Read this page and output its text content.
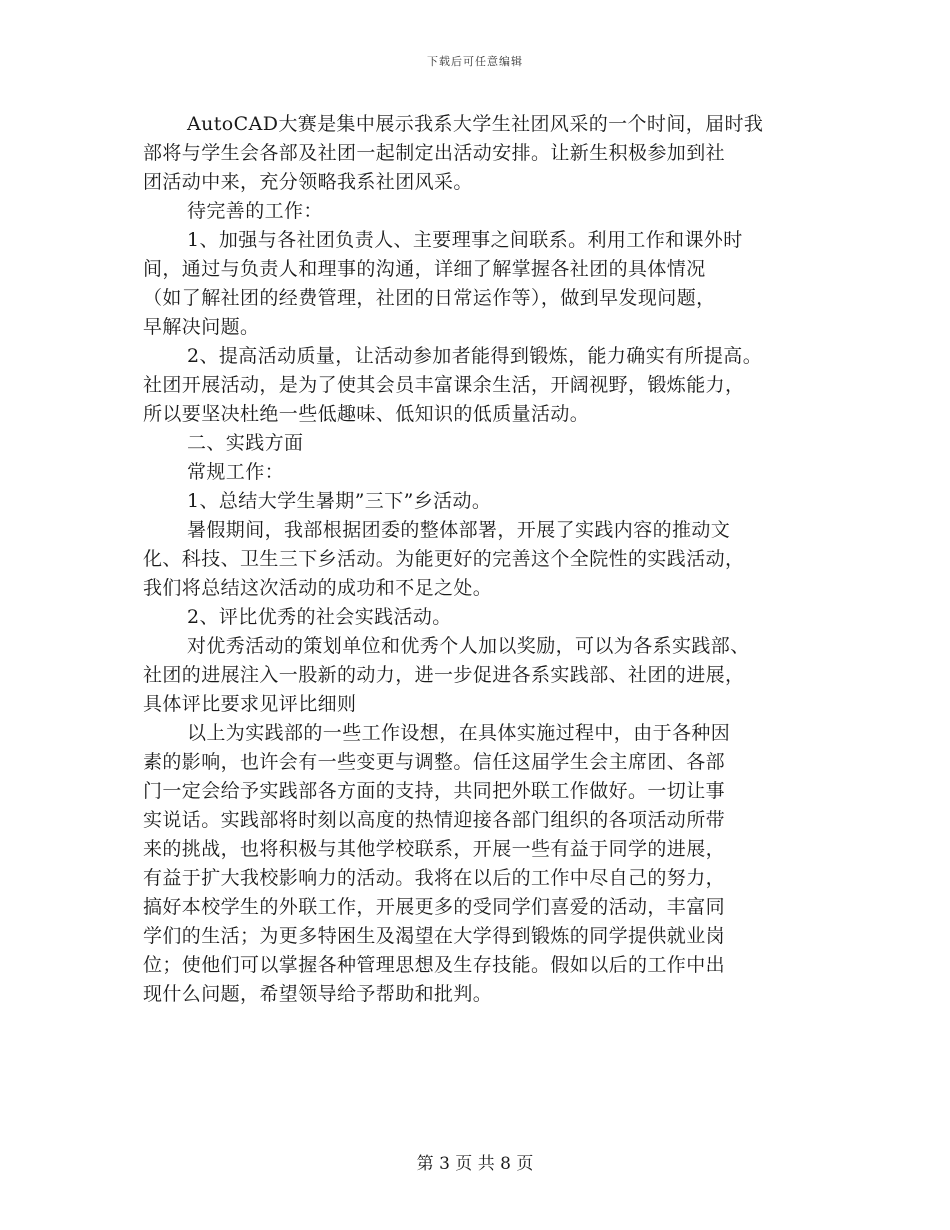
下载后可任意编辑
AutoCAD大赛是集中展示我系大学生社团风采的一个时间，届时我
部将与学生会各部及社团一起制定出活动安排。让新生积极参加到社
团活动中来，充分领略我系社团风采。
待完善的工作：
1、加强与各社团负责人、主要理事之间联系。利用工作和课外时
间，通过与负责人和理事的沟通，详细了解掌握各社团的具体情况
（如了解社团的经费管理，社团的日常运作等），做到早发现问题，
早解决问题。
2、提高活动质量，让活动参加者能得到锻炼，能力确实有所提高。
社团开展活动，是为了使其会员丰富课余生活，开阔视野，锻炼能力，
所以要坚决杜绝一些低趣味、低知识的低质量活动。
二、实践方面
常规工作：
1、总结大学生暑期”三下”乡活动。
暑假期间，我部根据团委的整体部署，开展了实践内容的推动文
化、科技、卫生三下乡活动。为能更好的完善这个全院性的实践活动，
我们将总结这次活动的成功和不足之处。
2、评比优秀的社会实践活动。
对优秀活动的策划单位和优秀个人加以奖励，可以为各系实践部、
社团的进展注入一股新的动力，进一步促进各系实践部、社团的进展，
具体评比要求见评比细则
以上为实践部的一些工作设想，在具体实施过程中，由于各种因
素的影响，也许会有一些变更与调整。信任这届学生会主席团、各部
门一定会给予实践部各方面的支持，共同把外联工作做好。一切让事
实说话。实践部将时刻以高度的热情迎接各部门组织的各项活动所带
来的挑战，也将积极与其他学校联系，开展一些有益于同学的进展，
有益于扩大我校影响力的活动。我将在以后的工作中尽自己的努力，
搞好本校学生的外联工作，开展更多的受同学们喜爱的活动，丰富同
学们的生活；为更多特困生及渴望在大学得到锻炼的同学提供就业岗
位；使他们可以掌握各种管理思想及生存技能。假如以后的工作中出
现什么问题，希望领导给予帮助和批判。
第 3 页 共 8 页
